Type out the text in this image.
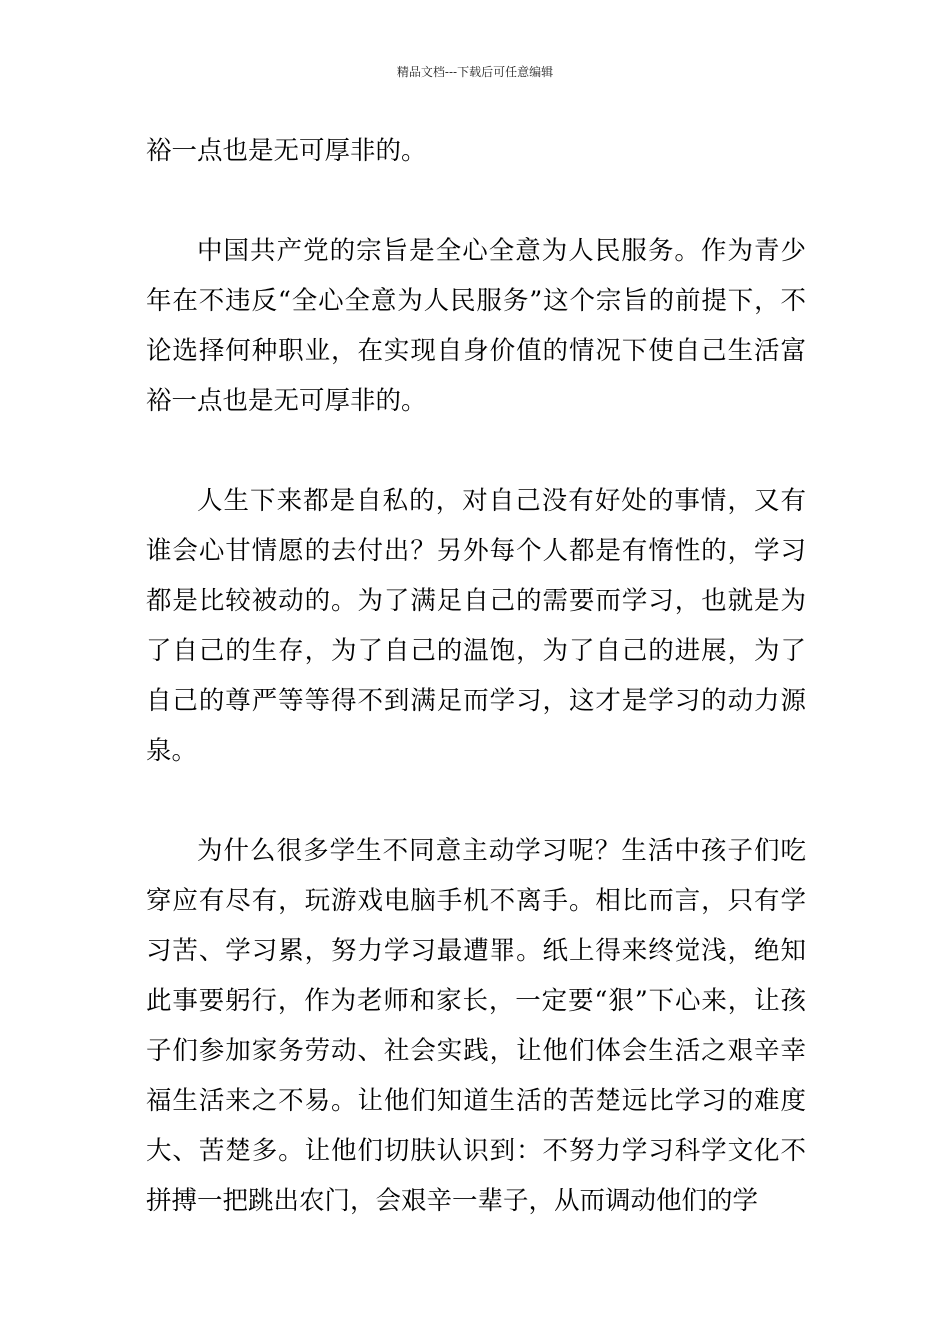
精品文档---下载后可任意编辑

裕一点也是无可厚非的。

中国共产党的宗旨是全心全意为人民服务。作为青少年在不违反“全心全意为人民服务”这个宗旨的前提下，不论选择何种职业，在实现自身价值的情况下使自己生活富裕一点也是无可厚非的。

人生下来都是自私的，对自己没有好处的事情，又有谁会心甘情愿的去付出？另外每个人都是有惰性的，学习都是比较被动的。为了满足自己的需要而学习，也就是为了自己的生存，为了自己的温饱，为了自己的进展，为了自己的尊严等等得不到满足而学习，这才是学习的动力源泉。

为什么很多学生不同意主动学习呢？生活中孩子们吃穿应有尽有，玩游戏电脑手机不离手。相比而言，只有学习苦、学习累，努力学习最遭罪。纸上得来终觉浅，绝知此事要躬行，作为老师和家长，一定要“狠”下心来，让孩子们参加家务劳动、社会实践，让他们体会生活之艰辛幸福生活来之不易。让他们知道生活的苦楚远比学习的难度大、苦楚多。让他们切肤认识到：不努力学习科学文化不拼搏一把跳出农门，会艰辛一辈子，从而调动他们的学
